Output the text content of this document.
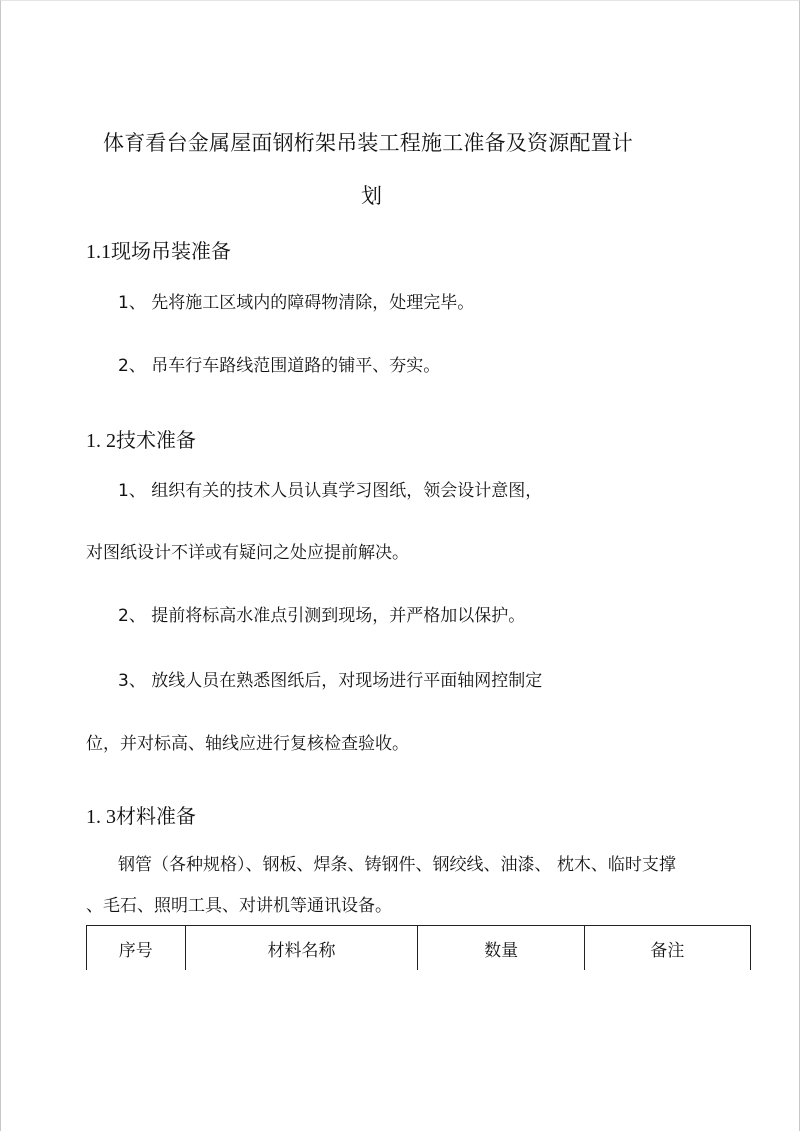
体育看台金属屋面钢桁架吊装工程施工准备及资源配置计
划
1.1现场吊装准备
1、 先将施工区域内的障碍物清除，处理完毕。
2、 吊车行车路线范围道路的铺平、夯实。
1. 2技术准备
1、 组织有关的技术人员认真学习图纸，领会设计意图，
对图纸设计不详或有疑问之处应提前解决。
2、 提前将标高水准点引测到现场，并严格加以保护。
3、 放线人员在熟悉图纸后，对现场进行平面轴网控制定
位，并对标高、轴线应进行复核检查验收。
1. 3材料准备
钢管（各种规格）、钢板、焊条、铸钢件、钢绞线、油漆、 枕木、临时支撑
、毛石、照明工具、对讲机等通讯设备。
序号	材料名称	数量	备注
